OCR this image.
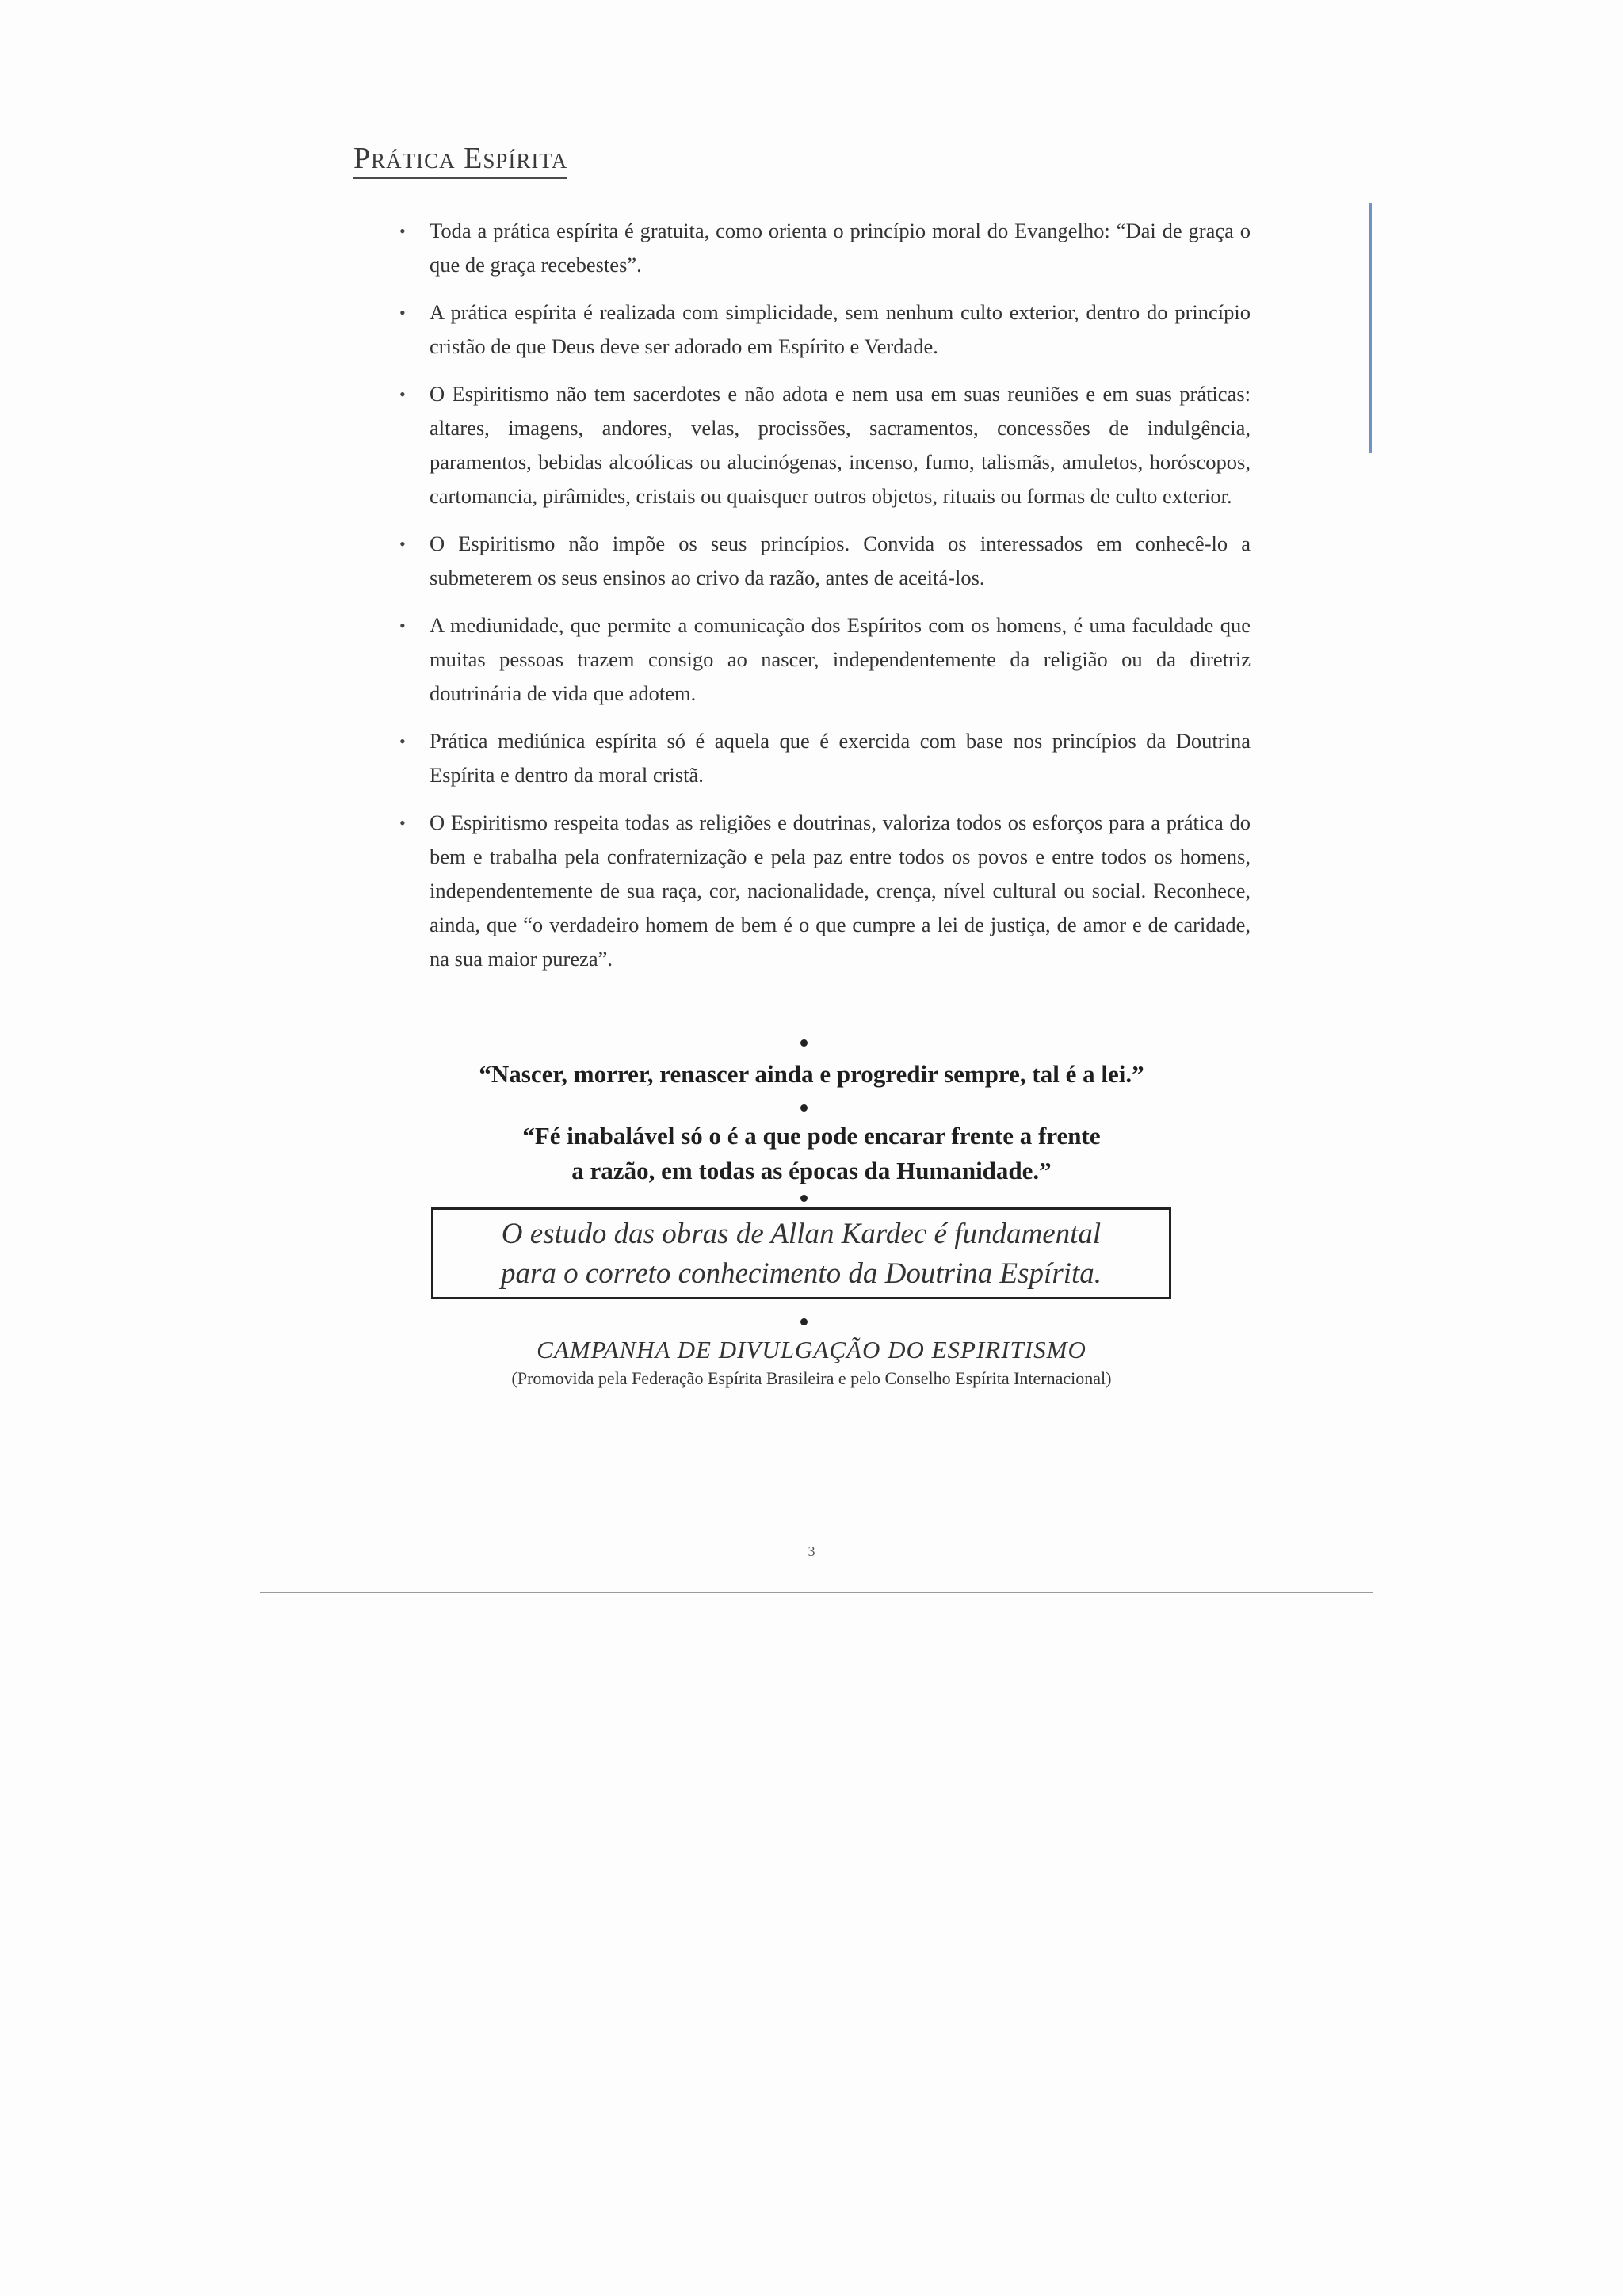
Prática Espírita
• Toda a prática espírita é gratuita, como orienta o princípio moral do Evangelho: “Dai de graça o que de graça recebestes”.
• A prática espírita é realizada com simplicidade, sem nenhum culto exterior, dentro do princípio cristão de que Deus deve ser adorado em Espírito e Verdade.
• O Espiritismo não tem sacerdotes e não adota e nem usa em suas reuniões e em suas práticas: altares, imagens, andores, velas, procissões, sacramentos, concessões de indulgência, paramentos, bebidas alcoólicas ou alucinógenas, incenso, fumo, talismãs, amuletos, horóscopos, cartomancia, pirâmides, cristais ou quaisquer outros objetos, rituais ou formas de culto exterior.
• O Espiritismo não impõe os seus princípios. Convida os interessados em conhecê-lo a submeterem os seus ensinos ao crivo da razão, antes de aceitá-los.
• A mediunidade, que permite a comunicação dos Espíritos com os homens, é uma faculdade que muitas pessoas trazem consigo ao nascer, independentemente da religião ou da diretriz doutrinária de vida que adotem.
• Prática mediúnica espírita só é aquela que é exercida com base nos princípios da Doutrina Espírita e dentro da moral cristã.
• O Espiritismo respeita todas as religiões e doutrinas, valoriza todos os esforços para a prática do bem e trabalha pela confraternização e pela paz entre todos os povos e entre todos os homens, independentemente de sua raça, cor, nacionalidade, crença, nível cultural ou social. Reconhece, ainda, que “o verdadeiro homem de bem é o que cumpre a lei de justiça, de amor e de caridade, na sua maior pureza”.
“Nascer, morrer, renascer ainda e progredir sempre, tal é a lei.”
“Fé inabalável só o é a que pode encarar frente a frente
a razão, em todas as épocas da Humanidade.”
O estudo das obras de Allan Kardec é fundamental
para o correto conhecimento da Doutrina Espírita.
CAMPANHA DE DIVULGAÇÃO DO ESPIRITISMO
(Promovida pela Federação Espírita Brasileira e pelo Conselho Espírita Internacional)
3
